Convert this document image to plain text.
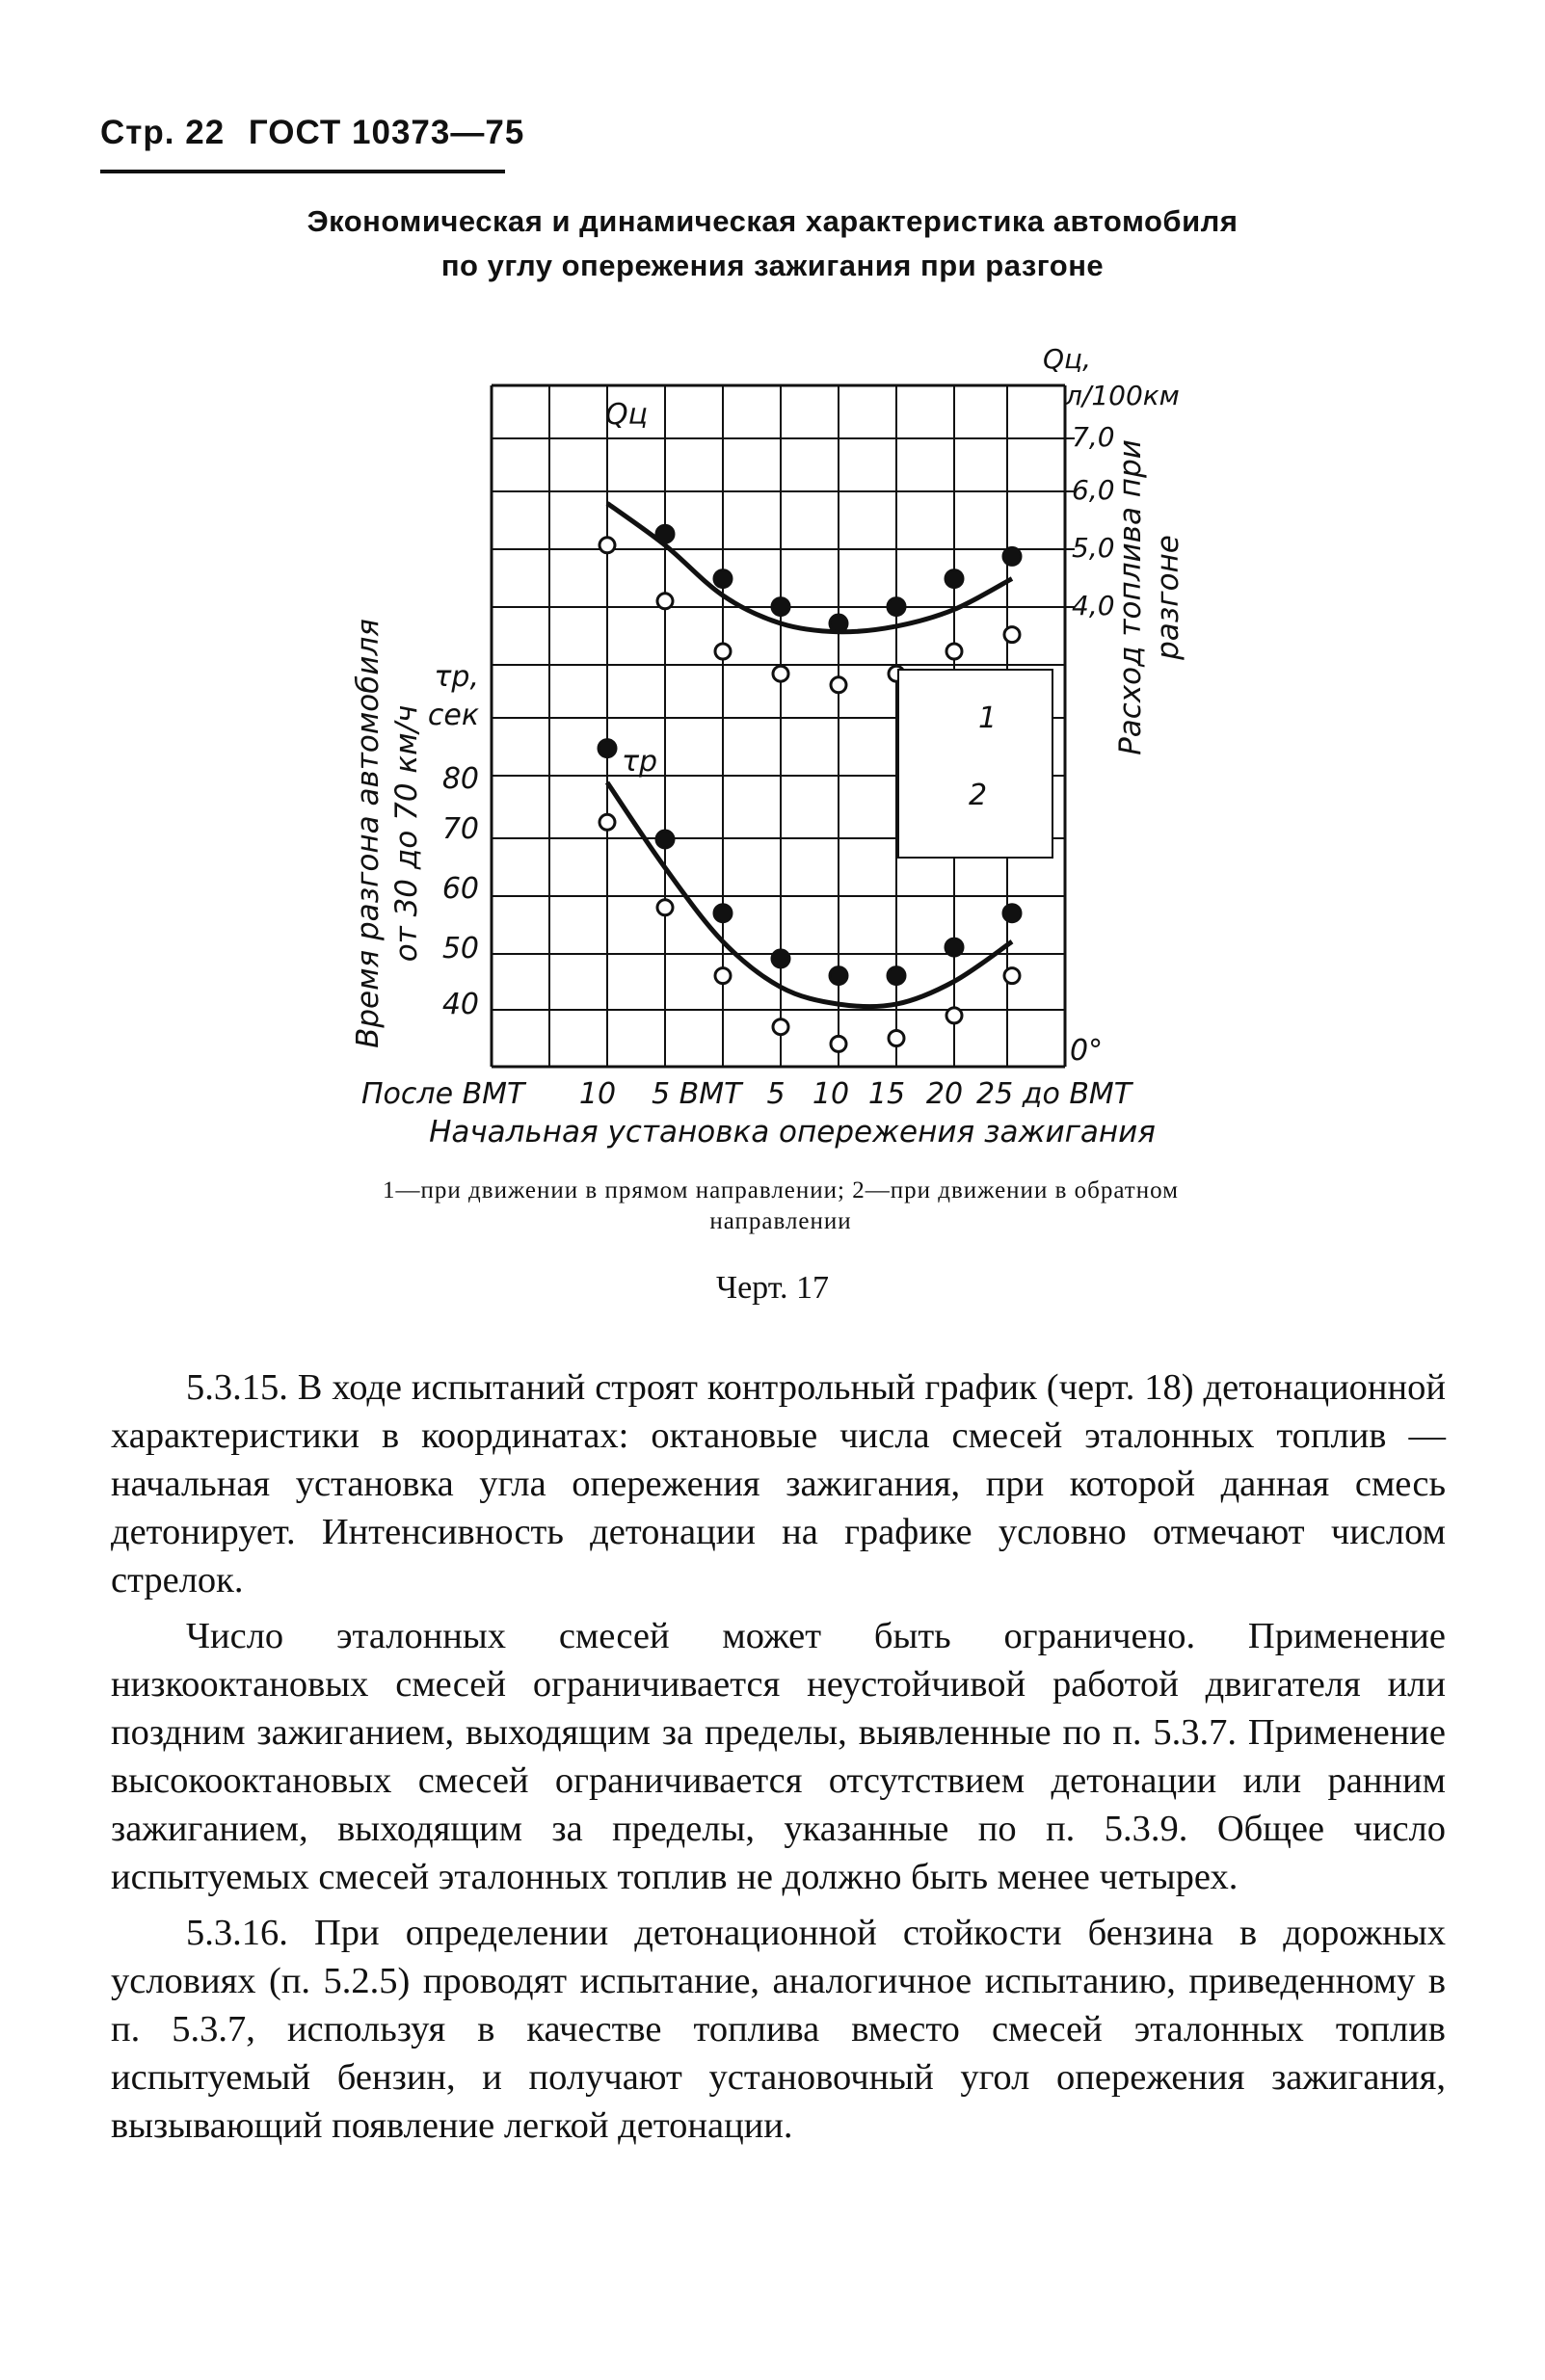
Стр. 22 ГОСТ 10373—75
Экономическая и динамическая характеристика автомобиля
по углу опережения зажигания при разгоне
После ВМТ 10 5 ВМТ 5 10 15 20 25 до ВМТ
0°
Начальная установка опережения зажигания
80
70
60
50
40
τр,
сек
Время разгона автомобиля от 30 до 70 км/ч
7,0
6,0
5,0
4,0
Qц,
л/100км
Расход топлива при разгоне
Qц
τр
1
2
1—при движении в прямом направлении; 2—при движении в обратном направлении
Черт. 17

5.3.15. В ходе испытаний строят контрольный график (черт. 18) детонационной характеристики в координатах: октановые числа смесей эталонных топлив — начальная установка угла опережения зажигания, при которой данная смесь детонирует. Интенсивность детонации на графике условно отмечают числом стрелок.

Число эталонных смесей может быть ограничено. Применение низкооктановых смесей ограничивается неустойчивой работой двигателя или поздним зажиганием, выходящим за пределы, выявленные по п. 5.3.7. Применение высокооктановых смесей ограничивается отсутствием детонации или ранним зажиганием, выходящим за пределы, указанные по п. 5.3.9. Общее число испытуемых смесей эталонных топлив не должно быть менее четырех.

5.3.16. При определении детонационной стойкости бензина в дорожных условиях (п. 5.2.5) проводят испытание, аналогичное испытанию, приведенному в п. 5.3.7, используя в качестве топлива вместо смесей эталонных топлив испытуемый бензин, и получают установочный угол опережения зажигания, вызывающий появление легкой детонации.
